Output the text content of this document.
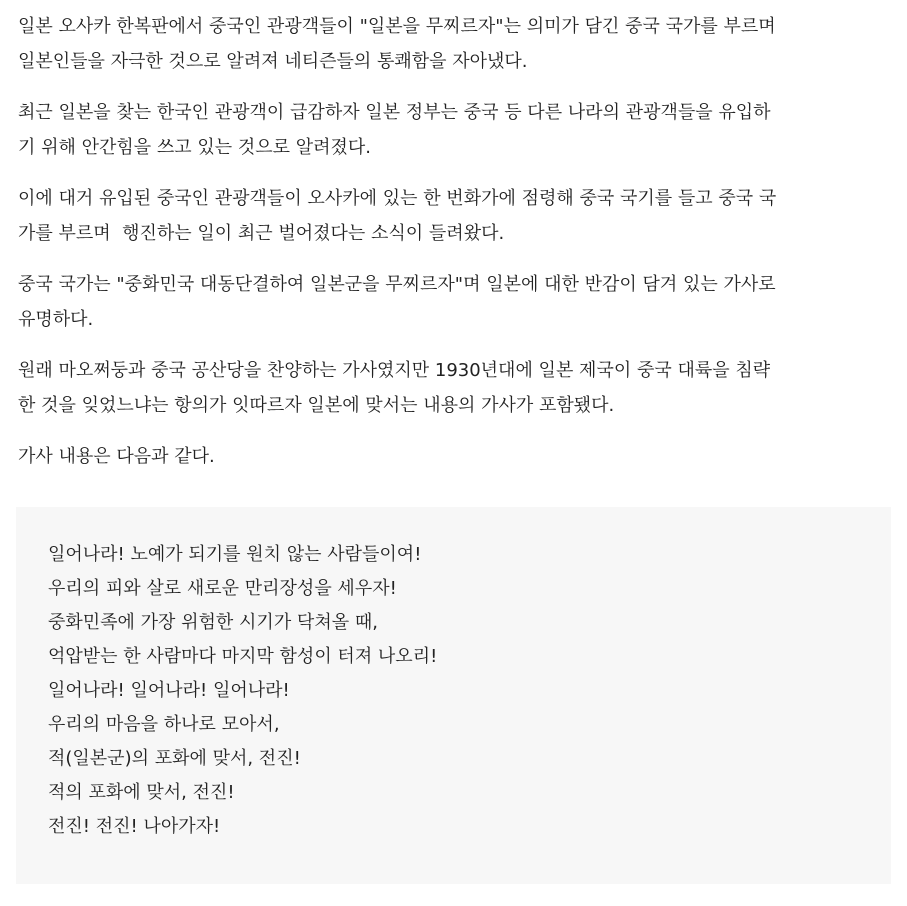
일본 오사카 한복판에서 중국인 관광객들이 "일본을 무찌르자"는 의미가 담긴 중국 국가를 부르며
일본인들을 자극한 것으로 알려져 네티즌들의 통쾌함을 자아냈다.

최근 일본을 찾는 한국인 관광객이 급감하자 일본 정부는 중국 등 다른 나라의 관광객들을 유입하
기 위해 안간힘을 쓰고 있는 것으로 알려졌다.

이에 대거 유입된 중국인 관광객들이 오사카에 있는 한 번화가에 점령해 중국 국기를 들고 중국 국
가를 부르며  행진하는 일이 최근 벌어졌다는 소식이 들려왔다.

중국 국가는 "중화민국 대동단결하여 일본군을 무찌르자"며 일본에 대한 반감이 담겨 있는 가사로
유명하다.

원래 마오쩌둥과 중국 공산당을 찬양하는 가사였지만 1930년대에 일본 제국이 중국 대륙을 침략
한 것을 잊었느냐는 항의가 잇따르자 일본에 맞서는 내용의 가사가 포함됐다.

가사 내용은 다음과 같다.

일어나라! 노예가 되기를 원치 않는 사람들이여!
우리의 피와 살로 새로운 만리장성을 세우자!
중화민족에 가장 위험한 시기가 닥쳐올 때,
억압받는 한 사람마다 마지막 함성이 터져 나오리!
일어나라! 일어나라! 일어나라!
우리의 마음을 하나로 모아서,
적(일본군)의 포화에 맞서, 전진!
적의 포화에 맞서, 전진!
전진! 전진! 나아가자!
